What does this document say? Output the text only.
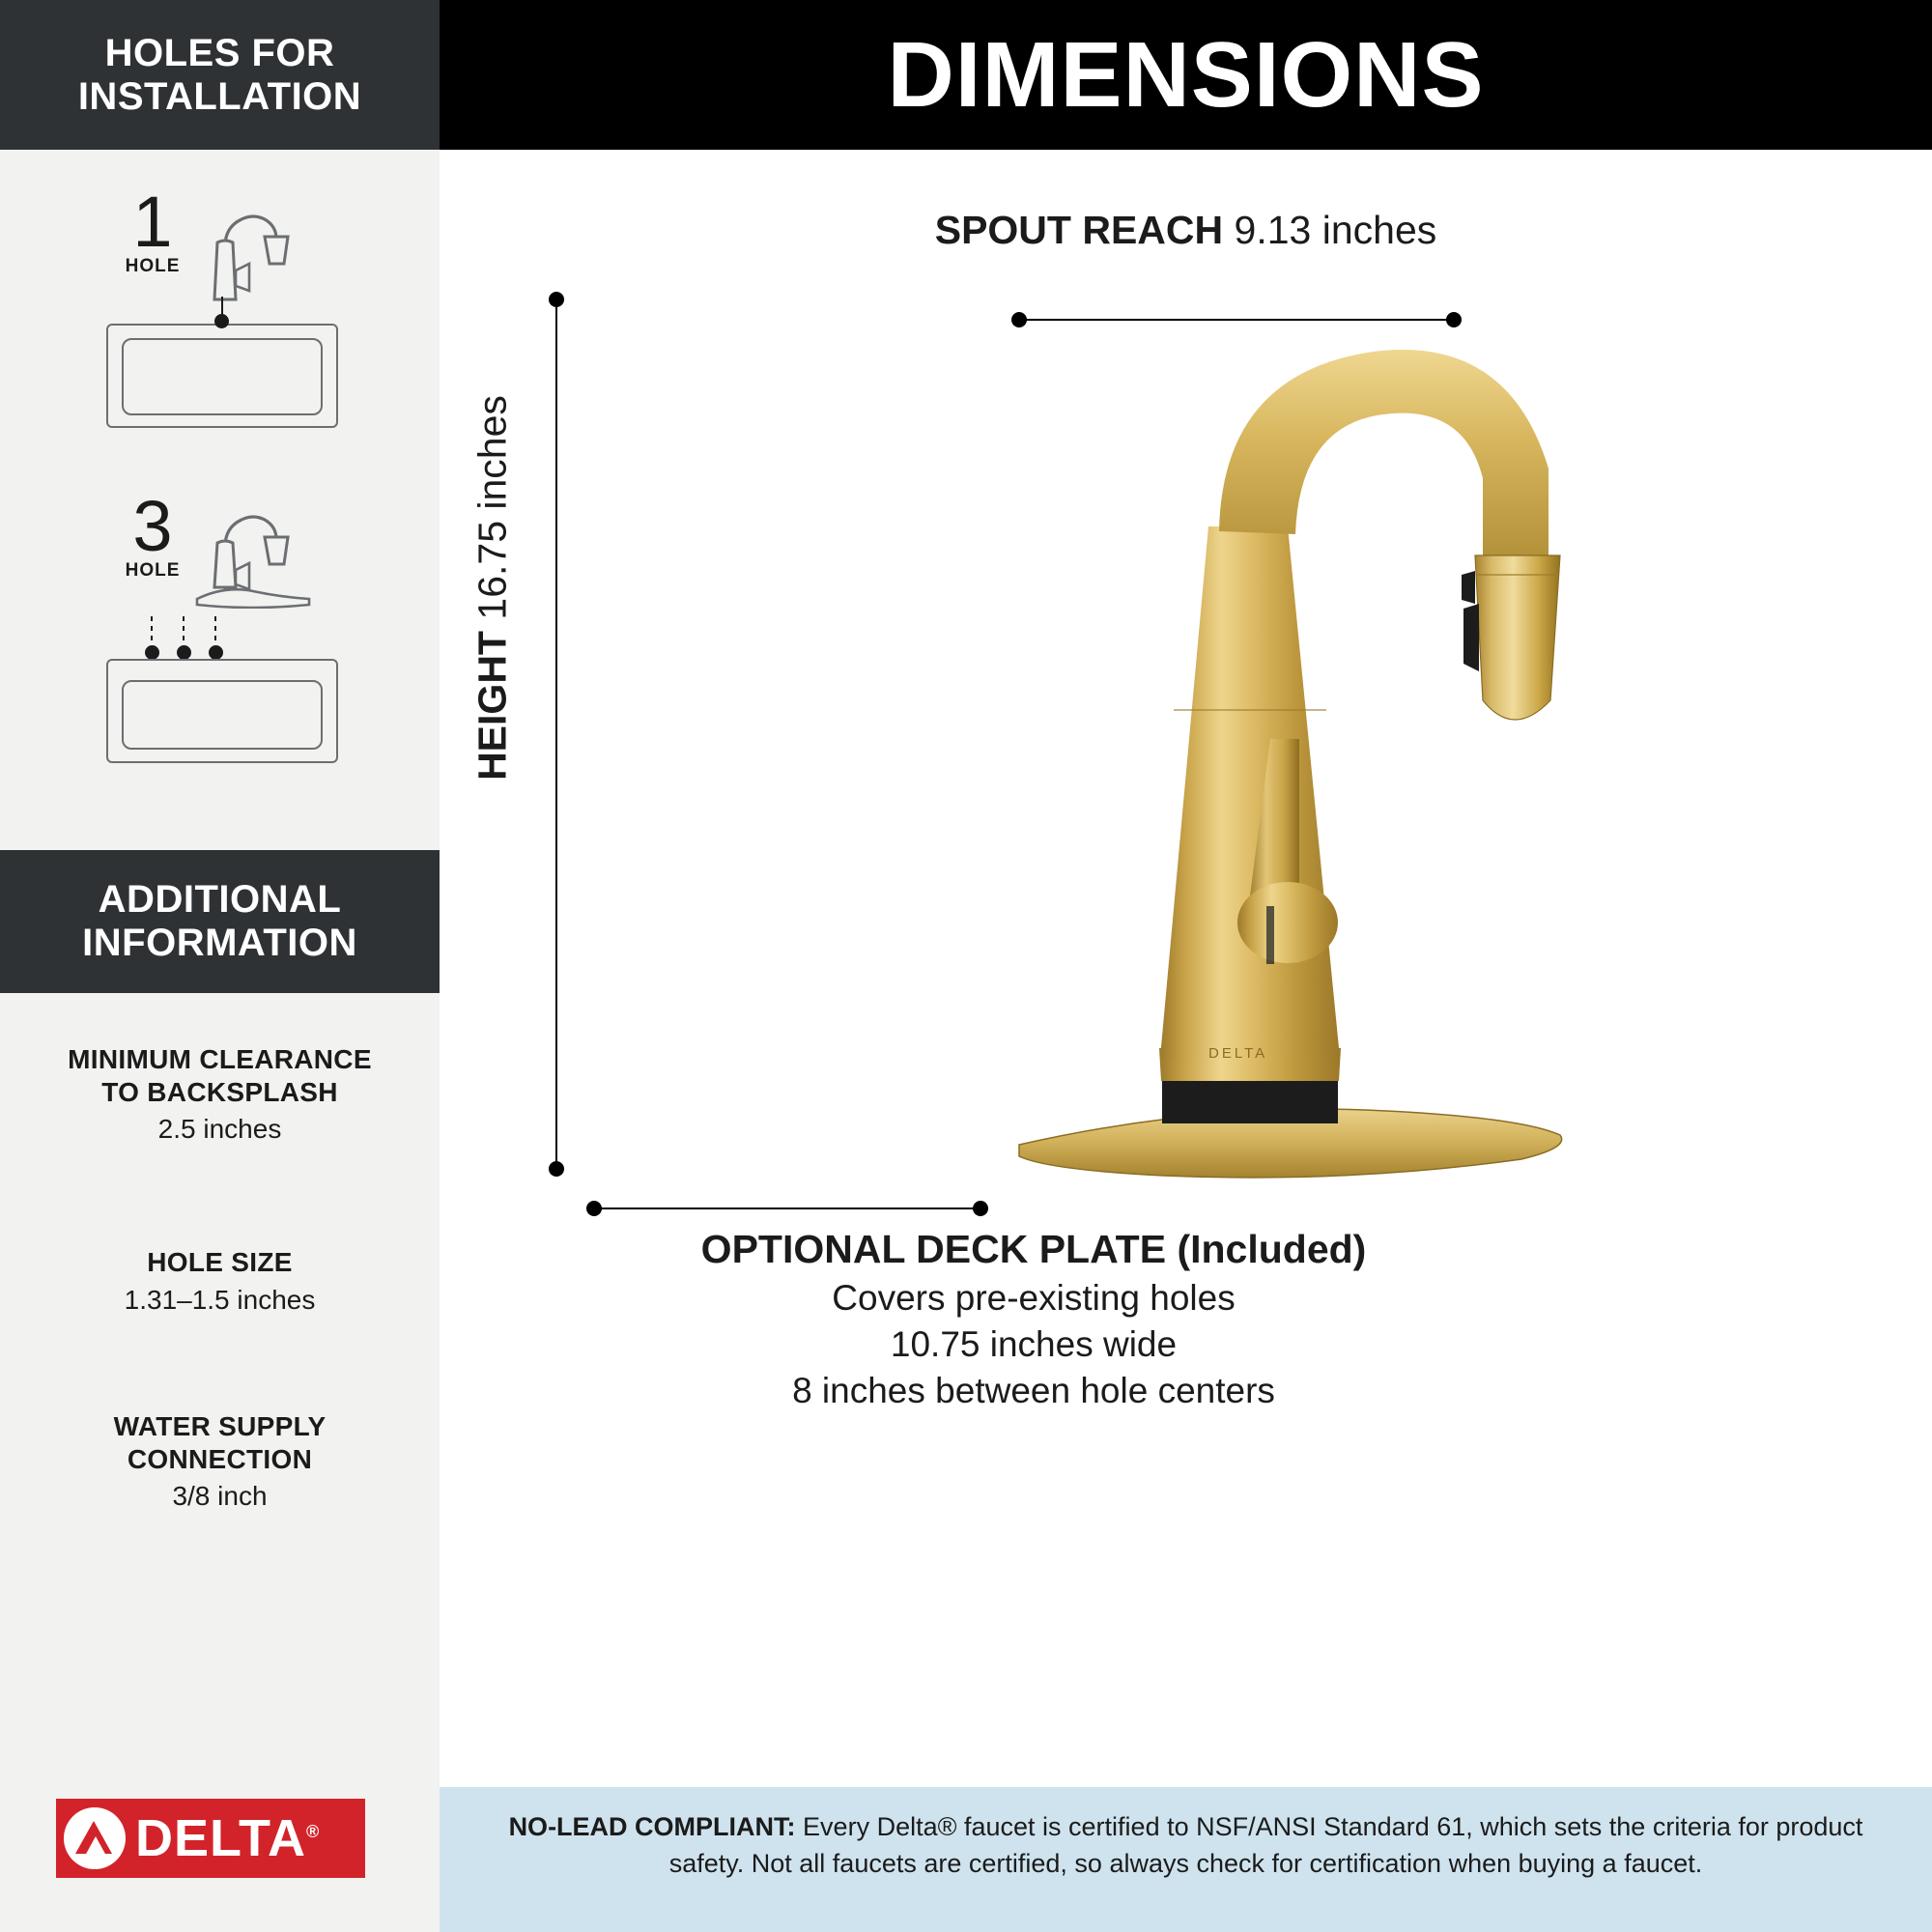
HOLES FOR
INSTALLATION
1
HOLE
3
HOLE
ADDITIONAL
INFORMATION
MINIMUM CLEARANCE
TO BACKSPLASH
2.5 inches
HOLE SIZE
1.31–1.5 inches
WATER SUPPLY
CONNECTION
3/8 inch
DELTA®
DIMENSIONS
SPOUT REACH 9.13 inches
HEIGHT 16.75 inches
DELTA
OPTIONAL DECK PLATE (Included)
Covers pre-existing holes
10.75 inches wide
8 inches between hole centers
NO-LEAD COMPLIANT: Every Delta® faucet is certified to NSF/ANSI Standard 61, which sets the criteria for product safety. Not all faucets are certified, so always check for certification when buying a faucet.
